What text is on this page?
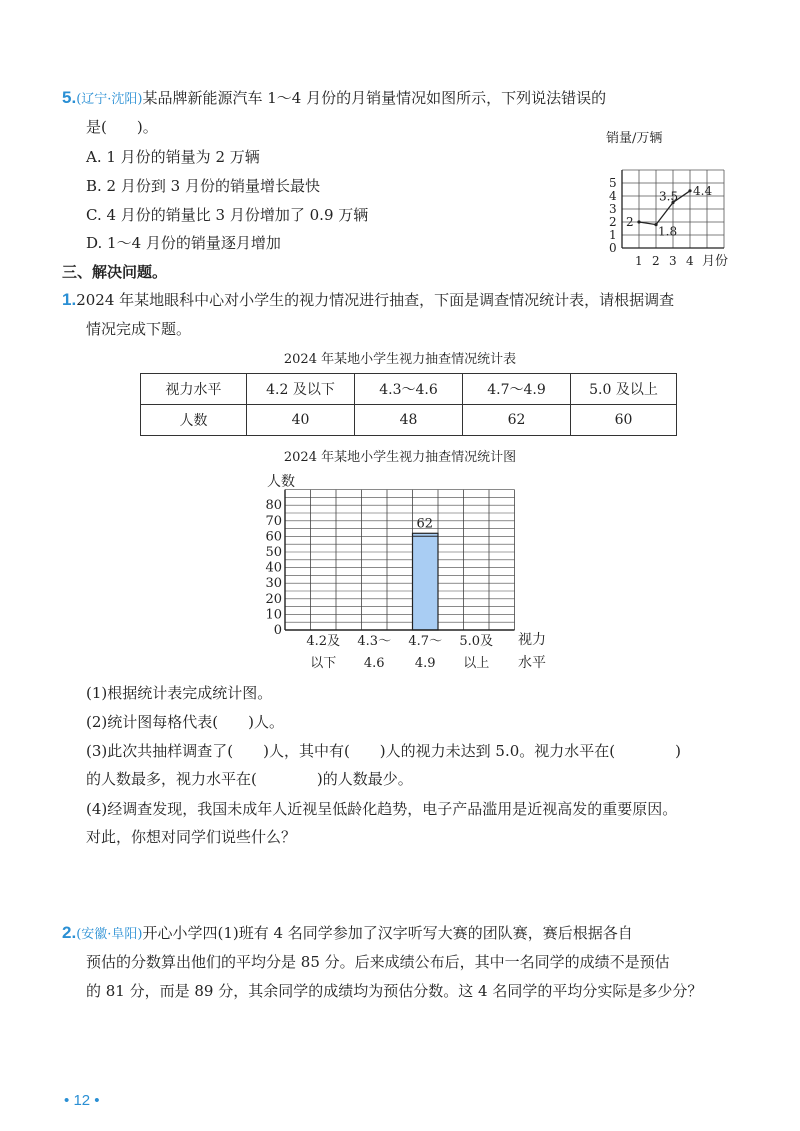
5.(辽宁·沈阳)某品牌新能源汽车 1～4 月份的月销量情况如图所示，下列说法错误的
是(　　)。
A. 1 月份的销量为 2 万辆
B. 2 月份到 3 月份的销量增长最快
C. 4 月份的销量比 3 月份增加了 0.9 万辆
D. 1～4 月份的销量逐月增加
销量/万辆
0
1
2
3
4
5
1 2 3 4
2
1.8
3.5 4.4
月份
三、解决问题。
1.2024 年某地眼科中心对小学生的视力情况进行抽查，下面是调查情况统计表，请根据调查
情况完成下题。
2024 年某地小学生视力抽查情况统计表
视力水平	4.2 及以下	4.3～4.6	4.7～4.9	5.0 及以上
人数	40	48	62	60
2024 年某地小学生视力抽查情况统计图
人数
62
0
10
20
30
40
50
60
70
80
4.2及
以下
4.3～
4.6
4.7～
4.9
5.0及
以上
视力
水平
(1)根据统计表完成统计图。
(2)统计图每格代表(　　)人。
(3)此次共抽样调查了(　　)人，其中有(　　)人的视力未达到 5.0。视力水平在(　　　　)
的人数最多，视力水平在(　　　　)的人数最少。
(4)经调查发现，我国未成年人近视呈低龄化趋势，电子产品滥用是近视高发的重要原因。
对此，你想对同学们说些什么？
2.(安徽·阜阳)开心小学四(1)班有 4 名同学参加了汉字听写大赛的团队赛，赛后根据各自
预估的分数算出他们的平均分是 85 分。后来成绩公布后，其中一名同学的成绩不是预估
的 81 分，而是 89 分，其余同学的成绩均为预估分数。这 4 名同学的平均分实际是多少分？
• 12 •
